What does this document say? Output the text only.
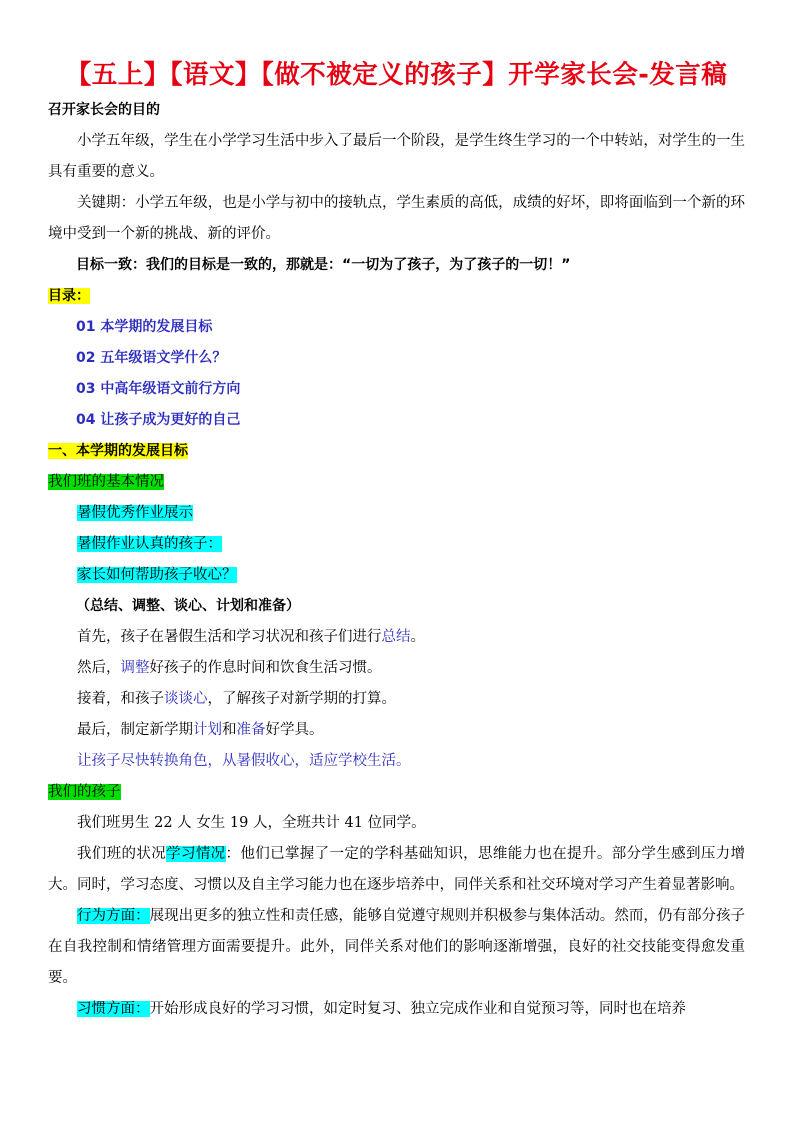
【五上】【语文】【做不被定义的孩子】开学家长会-发言稿
召开家长会的目的

小学五年级，学生在小学学习生活中步入了最后一个阶段，是学生终生学习的一个中转站，对学生的一生具有重要的意义。

关键期：小学五年级，也是小学与初中的接轨点，学生素质的高低，成绩的好坏，即将面临到一个新的环境中受到一个新的挑战、新的评价。

目标一致：我们的目标是一致的，那就是：“一切为了孩子，为了孩子的一切！”
目录：
01 本学期的发展目标
02 五年级语文学什么？
03 中高年级语文前行方向
04 让孩子成为更好的自己
一、本学期的发展目标
我们班的基本情况
暑假优秀作业展示
暑假作业认真的孩子：
家长如何帮助孩子收心？
（总结、调整、谈心、计划和准备）
首先，孩子在暑假生活和学习状况和孩子们进行总结。
然后，调整好孩子的作息时间和饮食生活习惯。
接着，和孩子谈谈心，了解孩子对新学期的打算。
最后，制定新学期计划和准备好学具。
让孩子尽快转换角色，从暑假收心，适应学校生活。
我们的孩子
我们班男生 22 人 女生 19 人，全班共计 41 位同学。

我们班的状况学习情况：他们已掌握了一定的学科基础知识，思维能力也在提升。部分学生感到压力增大。同时，学习态度、习惯以及自主学习能力也在逐步培养中，同伴关系和社交环境对学习产生着显著影响。

行为方面：展现出更多的独立性和责任感，能够自觉遵守规则并积极参与集体活动。然而，仍有部分孩子在自我控制和情绪管理方面需要提升。此外，同伴关系对他们的影响逐渐增强，良好的社交技能变得愈发重要。

习惯方面：开始形成良好的学习习惯，如定时复习、独立完成作业和自觉预习等，同时也在培养
